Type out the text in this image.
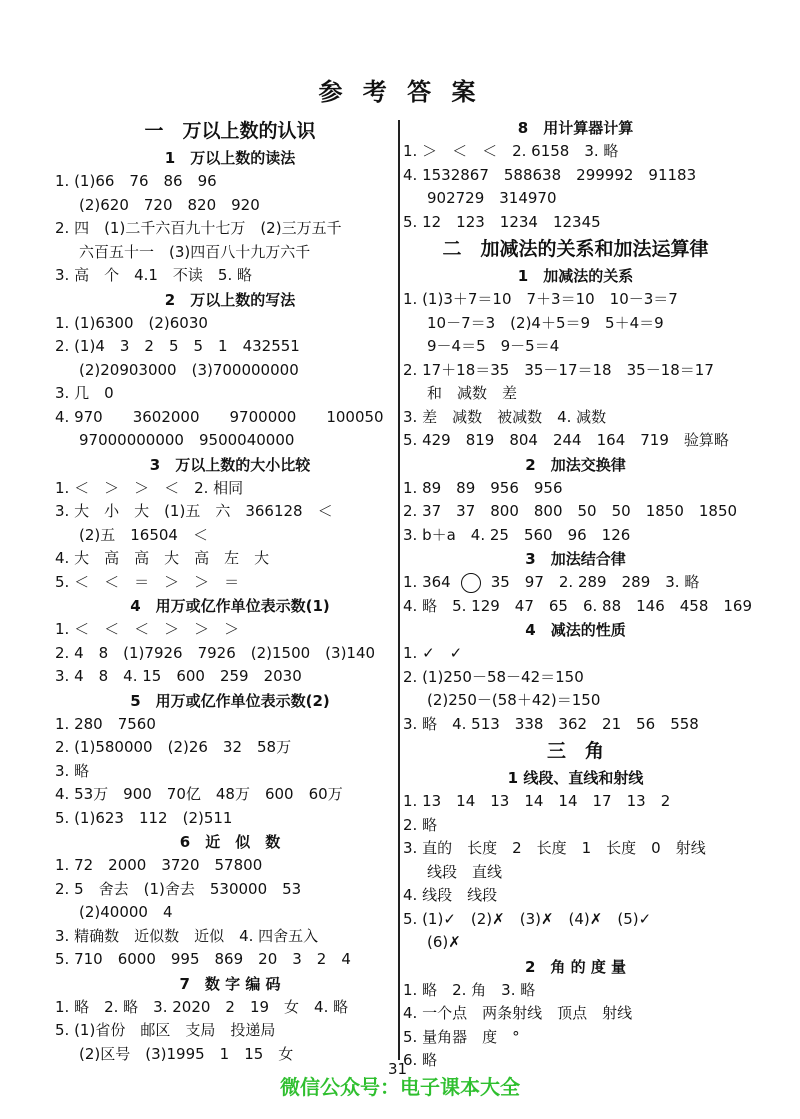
参 考 答 案
一　万以上数的认识
1　万以上数的读法
1. (1)66　76　86　96
(2)620　720　820　920
2. 四　(1)二千六百九十七万　(2)三万五千
六百五十一　(3)四百八十九万六千
3. 高　个　4.1　不读　5. 略
2　万以上数的写法
1. (1)6300　(2)6030
2. (1)4　3　2　5　5　1　432551
(2)20903000　(3)700000000
3. 几　0
4. 970　　3602000　　9700000　　100050
97000000000　9500040000
3　万以上数的大小比较
1. ＜　＞　＞　＜　2. 相同
3. 大　小　大　(1)五　六　366128　＜
(2)五　16504　＜
4. 大　高　高　大　高　左　大
5. ＜　＜　＝　＞　＞　＝
4　用万或亿作单位表示数(1)
1. ＜　＜　＜　＞　＞　＞
2. 4　8　(1)7926　7926　(2)1500　(3)140
3. 4　8　4. 15　600　259　2030
5　用万或亿作单位表示数(2)
1. 280　7560
2. (1)580000　(2)26　32　58万
3. 略
4. 53万　900　70亿　48万　600　60万
5. (1)623　112　(2)511
6　近　似　数
1. 72　2000　3720　57800
2. 5　舍去　(1)舍去　530000　53
(2)40000　4
3. 精确数　近似数　近似　4. 四舍五入
5. 710　6000　995　869　20　3　2　4
7　数 字 编 码
1. 略　2. 略　3. 2020　2　19　女　4. 略
5. (1)省份　邮区　支局　投递局
(2)区号　(3)1995　1　15　女
8　用计算器计算
1. ＞　＜　＜　2. 6158　3. 略
4. 1532867　588638　299992　91183
902729　314970
5. 12　123　1234　12345
二　加减法的关系和加法运算律
1　加减法的关系
1. (1)3＋7＝10　7＋3＝10　10－3＝7
10－7＝3　(2)4＋5＝9　5＋4＝9
9－4＝5　9－5＝4
2. 17＋18＝35　35－17＝18　35－18＝17
和　减数　差
3. 差　减数　被减数　4. 减数
5. 429　819　804　244　164　719　验算略
2　加法交换律
1. 89　89　956　956
2. 37　37　800　800　50　50　1850　1850
3. b＋a　4. 25　560　96　126
3　加法结合律
1. 364	35　97　2. 289　289　3. 略
4. 略　5. 129　47　65　6. 88　146　458　169
4　减法的性质
1. ✓　✓
2. (1)250－58－42＝150
(2)250－(58＋42)＝150
3. 略　4. 513　338　362　21　56　558
三　角
1 线段、直线和射线
1. 13　14　13　14　14　17　13　2
2. 略
3. 直的　长度　2　长度　1　长度　0　射线
线段　直线
4. 线段　线段
5. (1)✓　(2)✗　(3)✗　(4)✗　(5)✓
(6)✗
2　角 的 度 量
1. 略　2. 角　3. 略
4. 一个点　两条射线　顶点　射线
5. 量角器　度　°
6. 略
31
微信公众号：电子课本大全
